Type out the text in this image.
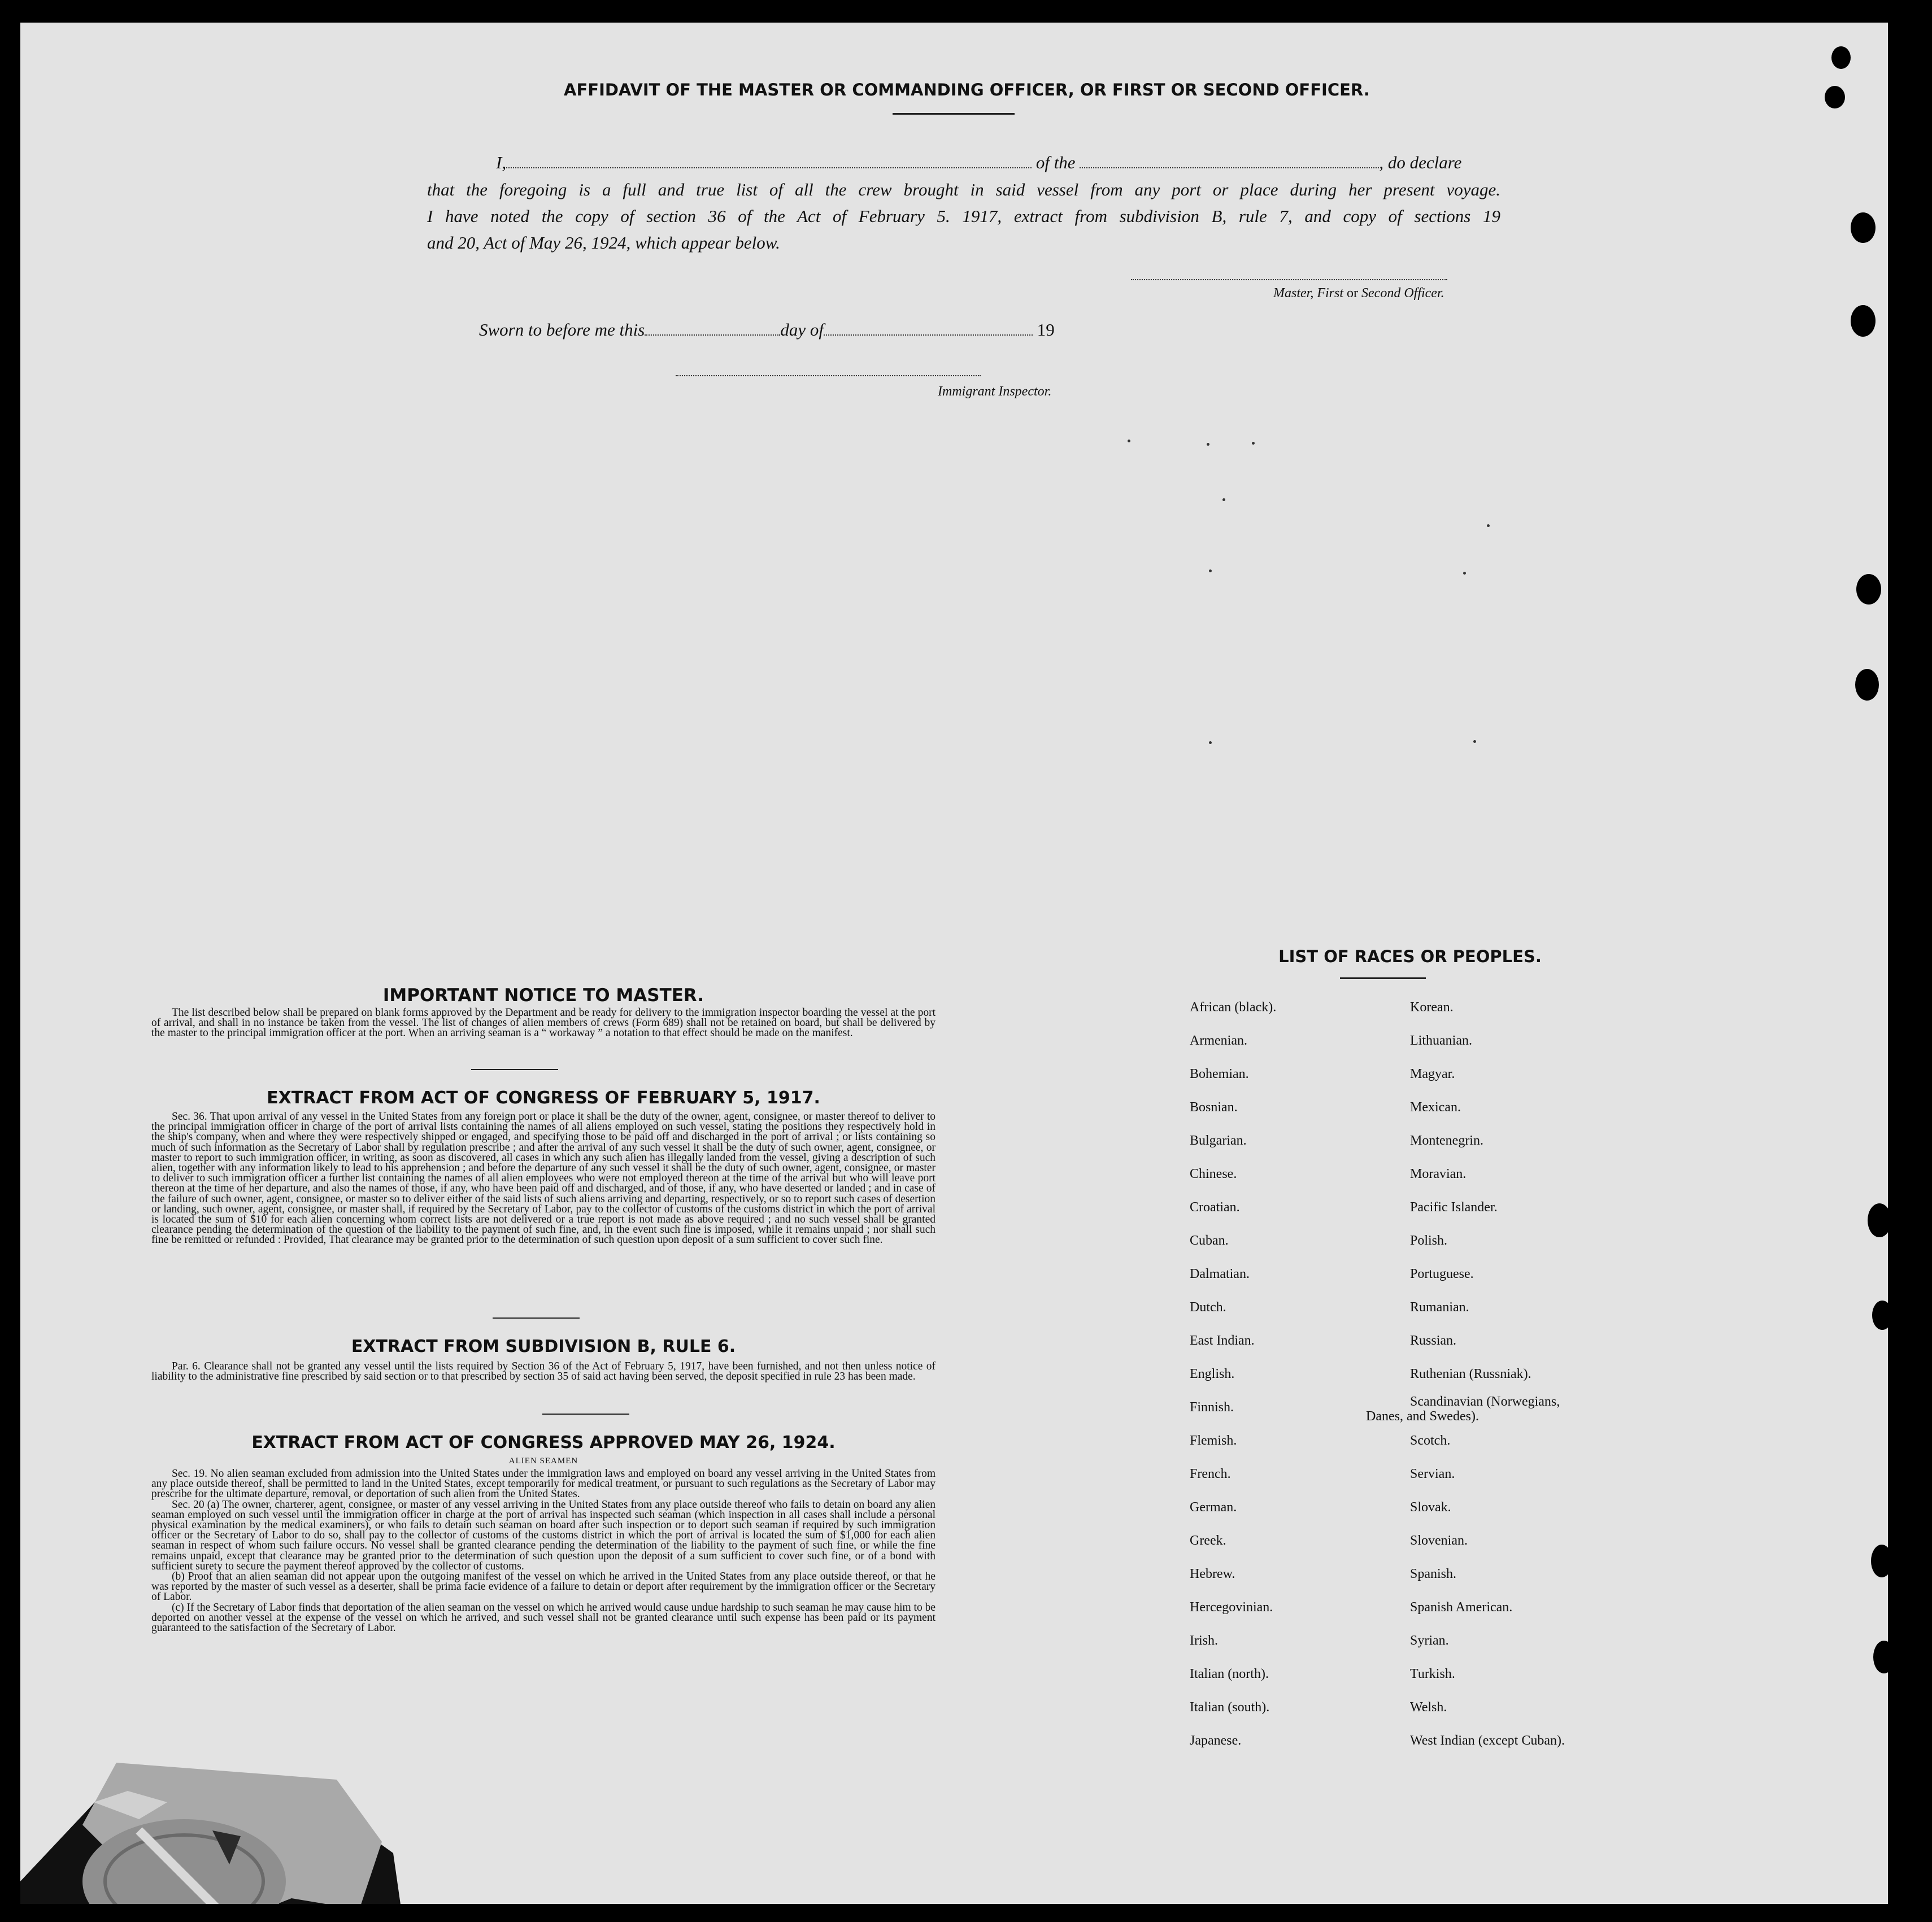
AFFIDAVIT OF THE MASTER OR COMMANDING OFFICER, OR FIRST OR SECOND OFFICER.
I,	of the	, do declare
that the foregoing is a full and true list of all the crew brought in said vessel from any port or place during her present voyage.
I have noted the copy of section 36 of the Act of February 5. 1917, extract from subdivision B, rule 7, and copy of sections 19
and 20, Act of May 26, 1924, which appear below.
Master, First or Second Officer.
Sworn to before me this	day of	19
Immigrant Inspector.
IMPORTANT NOTICE TO MASTER.

The list described below shall be prepared on blank forms approved by the Department and be ready for delivery to the immigration inspector boarding the vessel at the port of arrival, and shall in no instance be taken from the vessel. The list of changes of alien members of crews (Form 689) shall not be retained on board, but shall be delivered by the master to the principal immigration officer at the port. When an arriving seaman is a “ workaway ” a notation to that effect should be made on the manifest.

EXTRACT FROM ACT OF CONGRESS OF FEBRUARY 5, 1917.

Sec. 36. That upon arrival of any vessel in the United States from any foreign port or place it shall be the duty of the owner, agent, consignee, or master thereof to deliver to the principal immigration officer in charge of the port of arrival lists containing the names of all aliens employed on such vessel, stating the positions they respectively hold in the ship's company, when and where they were respectively shipped or engaged, and specifying those to be paid off and discharged in the port of arrival ; or lists containing so much of such information as the Secretary of Labor shall by regulation prescribe ; and after the arrival of any such vessel it shall be the duty of such owner, agent, consignee, or master to report to such immigration officer, in writing, as soon as discovered, all cases in which any such alien has illegally landed from the vessel, giving a description of such alien, together with any information likely to lead to his apprehension ; and before the departure of any such vessel it shall be the duty of such owner, agent, consignee, or master to deliver to such immigration officer a further list containing the names of all alien employees who were not employed thereon at the time of the arrival but who will leave port thereon at the time of her departure, and also the names of those, if any, who have been paid off and discharged, and of those, if any, who have deserted or landed ; and in case of the failure of such owner, agent, consignee, or master so to deliver either of the said lists of such aliens arriving and departing, respectively, or so to report such cases of desertion or landing, such owner, agent, consignee, or master shall, if required by the Secretary of Labor, pay to the collector of customs of the customs district in which the port of arrival is located the sum of $10 for each alien concerning whom correct lists are not delivered or a true report is not made as above required ; and no such vessel shall be granted clearance pending the determination of the question of the liability to the payment of such fine, and, in the event such fine is imposed, while it remains unpaid ; nor shall such fine be remitted or refunded : Provided, That clearance may be granted prior to the determination of such question upon deposit of a sum sufficient to cover such fine.

EXTRACT FROM SUBDIVISION B, RULE 6.

Par. 6. Clearance shall not be granted any vessel until the lists required by Section 36 of the Act of February 5, 1917, have been furnished, and not then unless notice of liability to the administrative fine prescribed by said section or to that prescribed by section 35 of said act having been served, the deposit specified in rule 23 has been made.

EXTRACT FROM ACT OF CONGRESS APPROVED MAY 26, 1924.
ALIEN SEAMEN

Sec. 19. No alien seaman excluded from admission into the United States under the immigration laws and employed on board any vessel arriving in the United States from any place outside thereof, shall be permitted to land in the United States, except temporarily for medical treatment, or pursuant to such regulations as the Secretary of Labor may prescribe for the ultimate departure, removal, or deportation of such alien from the United States.

Sec. 20 (a) The owner, charterer, agent, consignee, or master of any vessel arriving in the United States from any place outside thereof who fails to detain on board any alien seaman employed on such vessel until the immigration officer in charge at the port of arrival has inspected such seaman (which inspection in all cases shall include a personal physical examination by the medical examiners), or who fails to detain such seaman on board after such inspection or to deport such seaman if required by such immigration officer or the Secretary of Labor to do so, shall pay to the collector of customs of the customs district in which the port of arrival is located the sum of $1,000 for each alien seaman in respect of whom such failure occurs. No vessel shall be granted clearance pending the determination of the liability to the payment of such fine, or while the fine remains unpaid, except that clearance may be granted prior to the determination of such question upon the deposit of a sum sufficient to cover such fine, or of a bond with sufficient surety to secure the payment thereof approved by the collector of customs.

(b) Proof that an alien seaman did not appear upon the outgoing manifest of the vessel on which he arrived in the United States from any place outside thereof, or that he was reported by the master of such vessel as a deserter, shall be prima facie evidence of a failure to detain or deport after requirement by the immigration officer or the Secretary of Labor.

(c) If the Secretary of Labor finds that deportation of the alien seaman on the vessel on which he arrived would cause undue hardship to such seaman he may cause him to be deported on another vessel at the expense of the vessel on which he arrived, and such vessel shall not be granted clearance until such expense has been paid or its payment guaranteed to the satisfaction of the Secretary of Labor.

LIST OF RACES OR PEOPLES.
African (black).
Armenian.
Bohemian.
Bosnian.
Bulgarian.
Chinese.
Croatian.
Cuban.
Dalmatian.
Dutch.
East Indian.
English.
Finnish.
Flemish.
French.
German.
Greek.
Hebrew.
Hercegovinian.
Irish.
Italian (north).
Italian (south).
Japanese.
Korean.
Lithuanian.
Magyar.
Mexican.
Montenegrin.
Moravian.
Pacific Islander.
Polish.
Portuguese.
Rumanian.
Russian.
Ruthenian (Russniak).
Scandinavian (Norwegians,
Scotch.
Servian.
Slovak.
Slovenian.
Spanish.
Spanish American.
Syrian.
Turkish.
Welsh.
West Indian (except Cuban).
Danes, and Swedes).
